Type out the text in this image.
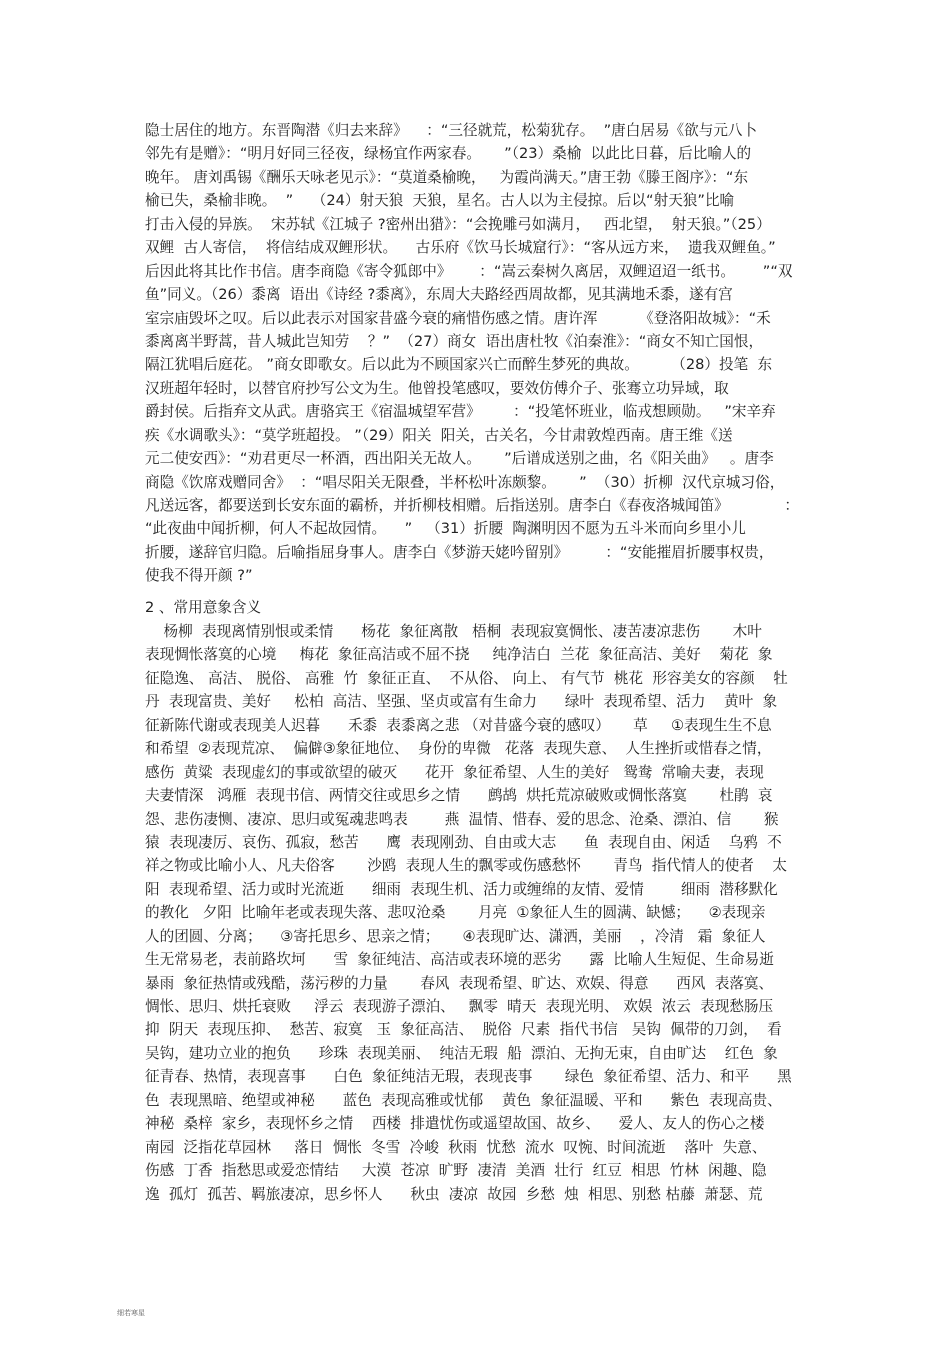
隐士居住的地方。东晋陶潜《归去来辞》    ：“三径就荒，松菊犹存。  ”唐白居易《欲与元八卜
邻先有是赠》：“明月好同三径夜，绿杨宜作两家春。     ”（23）桑榆  以此比日暮，后比喻人的
晚年。 唐刘禹锡《酬乐天咏老见示》：“莫道桑榆晚，   为霞尚满天。”唐王勃《滕王阁序》：“东
榆已失，桑榆非晚。  ”    （24）射天狼  天狼，星名。古人以为主侵掠。后以“射天狼”比喻
打击入侵的异族。  宋苏轼《江城子 ?密州出猎》：“会挽雕弓如满月，   西北望，  射天狼。”（25）
双鲤  古人寄信，  将信结成双鲤形状。    古乐府《饮马长城窟行》：“客从远方来，  遗我双鲤鱼。”
后因此将其比作书信。唐李商隐《寄令狐郎中》      ：“嵩云秦树久离居，双鲤迢迢一纸书。      ”“双
鱼”同义。（26）黍离  语出《诗经 ?黍离》，东周大夫路经西周故都，见其满地禾黍，遂有宫
室宗庙毁坏之叹。后以此表示对国家昔盛今衰的痛惜伤感之情。唐许浑         《登洛阳故城》：“禾
黍离离半野蒿，昔人城此岂知劳    ？”  （27）商女  语出唐杜牧《泊秦淮》：“商女不知亡国恨，
隔江犹唱后庭花。 ”商女即歌女。后以此为不顾国家兴亡而醉生梦死的典故。       （28）投笔  东
汉班超年轻时，以替官府抄写公文为生。他曾投笔感叹，要效仿傅介子、张骞立功异域，取
爵封侯。后指弃文从武。唐骆宾王《宿温城望军营》       ：“投笔怀班业，临戎想顾勋。   ”宋辛弃
疾《水调歌头》：“莫学班超投。 ”（29）阳关  阳关，古关名，今甘肃敦煌西南。唐王维《送
元二使安西》：“劝君更尽一杯酒，西出阳关无故人。     ”后谱成送别之曲，名《阳关曲》   。唐李
商隐《饮席戏赠同舍》  ：“唱尽阳关无限叠，半杯松叶冻颇黎。     ”  （30）折柳  汉代京城习俗，
凡送远客，都要送到长安东面的霸桥，并折柳枝相赠。后指送别。唐李白《春夜洛城闻笛》            ：
“此夜曲中闻折柳，何人不起故园情。    ”   （31）折腰  陶渊明因不愿为五斗米而向乡里小儿
折腰，遂辞官归隐。后喻指屈身事人。唐李白《梦游天姥吟留别》        ：“安能摧眉折腰事权贵，
使我不得开颜 ?”
2 、常用意象含义
杨柳  表现离情别恨或柔情      杨花  象征离散   梧桐  表现寂寞惆怅、凄苦凄凉悲伤       木叶
表现惆怅落寞的心境     梅花  象征高洁或不屈不挠     纯净洁白  兰花  象征高洁、美好    菊花  象
征隐逸、 高洁、 脱俗、 高雅  竹  象征正直、  不从俗、 向上、 有气节  桃花  形容美女的容颜    牡
丹  表现富贵、美好     松柏  高洁、坚强、坚贞或富有生命力      绿叶  表现希望、活力    黄叶  象
征新陈代谢或表现美人迟暮      禾黍  表黍离之悲 （对昔盛今衰的感叹）     草     ①表现生生不息
和希望  ②表现荒凉、  偏僻③象征地位、  身份的卑微   花落  表现失意、  人生挫折或惜春之情，
感伤  黄粱  表现虚幻的事或欲望的破灭      花开  象征希望、人生的美好   鸳鸯  常喻夫妻，表现
夫妻情深   鸿雁  表现书信、两情交往或思乡之情      鹧鸪  烘托荒凉破败或惆怅落寞       杜鹃  哀
怨、悲伤凄恻、凄凉、思归或冤魂悲鸣表        燕  温情、惜春、爱的思念、沧桑、漂泊、信       猴
猿  表现凄厉、哀伤、孤寂，愁苦      鹰  表现刚劲、自由或大志      鱼  表现自由、闲适    乌鸦  不
祥之物或比喻小人、凡夫俗客       沙鸥  表现人生的飘零或伤感愁怀       青鸟  指代情人的使者    太
阳  表现希望、活力或时光流逝      细雨  表现生机、活力或缠绵的友情、爱情        细雨  潜移默化
的教化   夕阳  比喻年老或表现失落、悲叹沧桑       月亮  ①象征人生的圆满、缺憾；    ②表现亲
人的团圆、分离；    ③寄托思乡、思亲之情；     ④表现旷达、潇洒，美丽    ，冷清   霜  象征人
生无常易老，表前路坎坷      雪  象征纯洁、高洁或表环境的恶劣      露  比喻人生短促、生命易逝
暴雨  象征热情或残酷，荡污秽的力量       春风  表现希望、旷达、欢娱、得意      西风  表落寞、
惆怅、思归、烘托衰败     浮云  表现游子漂泊、   飘零  晴天  表现光明、 欢娱  浓云  表现愁肠压
抑  阴天  表现压抑、  愁苦、寂寞   玉  象征高洁、  脱俗  尺素  指代书信   吴钩  佩带的刀剑，  看
吴钩，建功立业的抱负      珍珠  表现美丽、  纯洁无瑕  船  漂泊、无拘无束，自由旷达    红色  象
征青春、热情，表现喜事      白色  象征纯洁无瑕，表现丧事       绿色  象征希望、活力、和平      黑
色  表现黑暗、绝望或神秘      蓝色  表现高雅或忧郁    黄色  象征温暖、平和      紫色  表现高贵、
神秘  桑梓  家乡，表现怀乡之情    西楼  排遣忧伤或遥望故国、故乡、    爱人、友人的伤心之楼
南园  泛指花草园林     落日  惆怅  冬雪  冷峻  秋雨  忧愁  流水  叹惋、时间流逝    落叶  失意、
伤感  丁香  指愁思或爱恋情结     大漠  苍凉  旷野  凄清  美酒  壮行  红豆  相思  竹林  闲趣、隐
逸  孤灯  孤苦、羁旅凄凉，思乡怀人      秋虫  凄凉  故园  乡愁  烛  相思、别愁 枯藤  萧瑟、荒
细若寒星
